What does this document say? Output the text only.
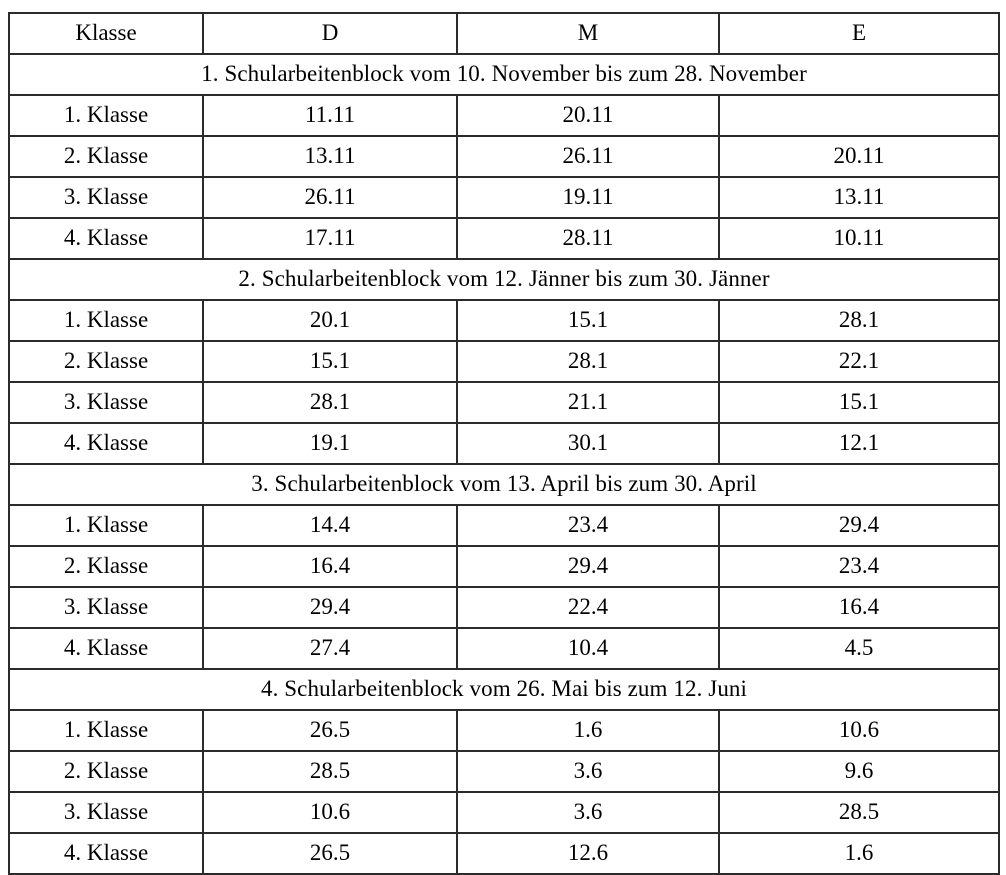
Klasse	D	M	E
1. Schularbeitenblock vom 10. November bis zum 28. November			
1. Klasse	11.11	20.11	
2. Klasse	13.11	26.11	20.11
3. Klasse	26.11	19.11	13.11
4. Klasse	17.11	28.11	10.11
2. Schularbeitenblock vom 12. Jänner bis zum 30. Jänner			
1. Klasse	20.1	15.1	28.1
2. Klasse	15.1	28.1	22.1
3. Klasse	28.1	21.1	15.1
4. Klasse	19.1	30.1	12.1
3. Schularbeitenblock vom 13. April bis zum 30. April			
1. Klasse	14.4	23.4	29.4
2. Klasse	16.4	29.4	23.4
3. Klasse	29.4	22.4	16.4
4. Klasse	27.4	10.4	4.5
4. Schularbeitenblock vom 26. Mai bis zum 12. Juni			
1. Klasse	26.5	1.6	10.6
2. Klasse	28.5	3.6	9.6
3. Klasse	10.6	3.6	28.5
4. Klasse	26.5	12.6	1.6
